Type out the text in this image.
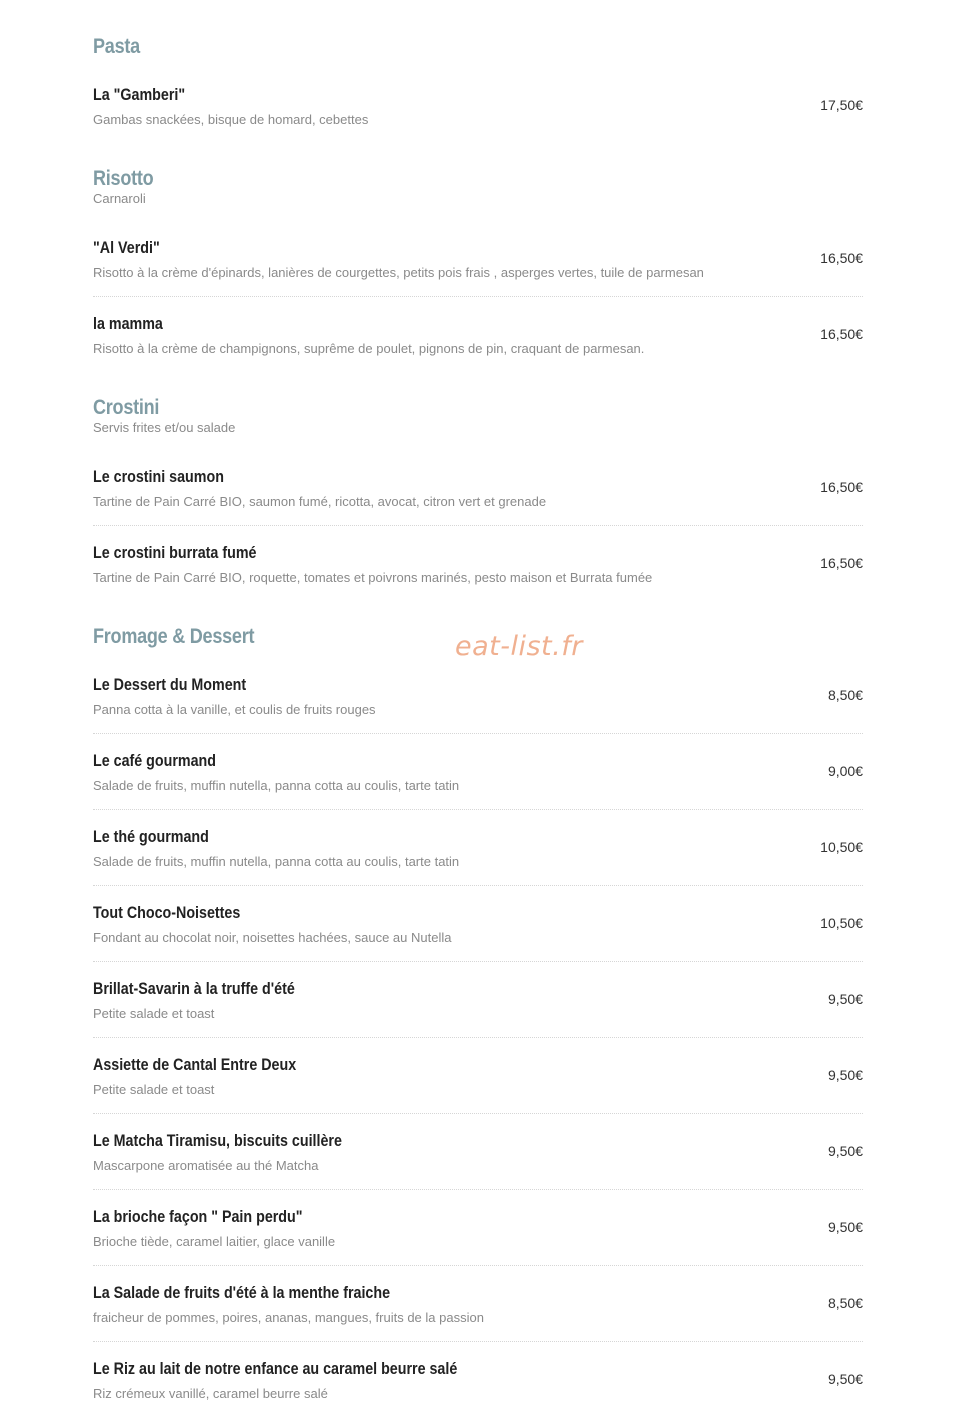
Pasta
La "Gamberi"
Gambas snackées, bisque de homard, cebettes
17,50€
Risotto
Carnaroli
"Al Verdi"
Risotto à la crème d'épinards, lanières de courgettes, petits pois frais , asperges vertes, tuile de parmesan
16,50€
la mamma
Risotto à la crème de champignons, suprême de poulet, pignons de pin, craquant de parmesan.
16,50€
Crostini
Servis frites et/ou salade
Le crostini saumon
Tartine de Pain Carré BIO, saumon fumé, ricotta, avocat, citron vert et grenade
16,50€
Le crostini burrata fumé
Tartine de Pain Carré BIO, roquette, tomates et poivrons marinés, pesto maison et Burrata fumée
16,50€
Fromage & Dessert
Le Dessert du Moment
Panna cotta à la vanille, et coulis de fruits rouges
8,50€
Le café gourmand
Salade de fruits, muffin nutella, panna cotta au coulis, tarte tatin
9,00€
Le thé gourmand
Salade de fruits, muffin nutella, panna cotta au coulis, tarte tatin
10,50€
Tout Choco-Noisettes
Fondant au chocolat noir, noisettes hachées, sauce au Nutella
10,50€
Brillat-Savarin à la truffe d'été
Petite salade et toast
9,50€
Assiette de Cantal Entre Deux
Petite salade et toast
9,50€
Le Matcha Tiramisu, biscuits cuillère
Mascarpone aromatisée au thé Matcha
9,50€
La brioche façon " Pain perdu"
Brioche tiède, caramel laitier, glace vanille
9,50€
La Salade de fruits d'été à la menthe fraiche
fraicheur de pommes, poires, ananas, mangues, fruits de la passion
8,50€
Le Riz au lait de notre enfance au caramel beurre salé
Riz crémeux vanillé, caramel beurre salé
9,50€
eat-list.fr
